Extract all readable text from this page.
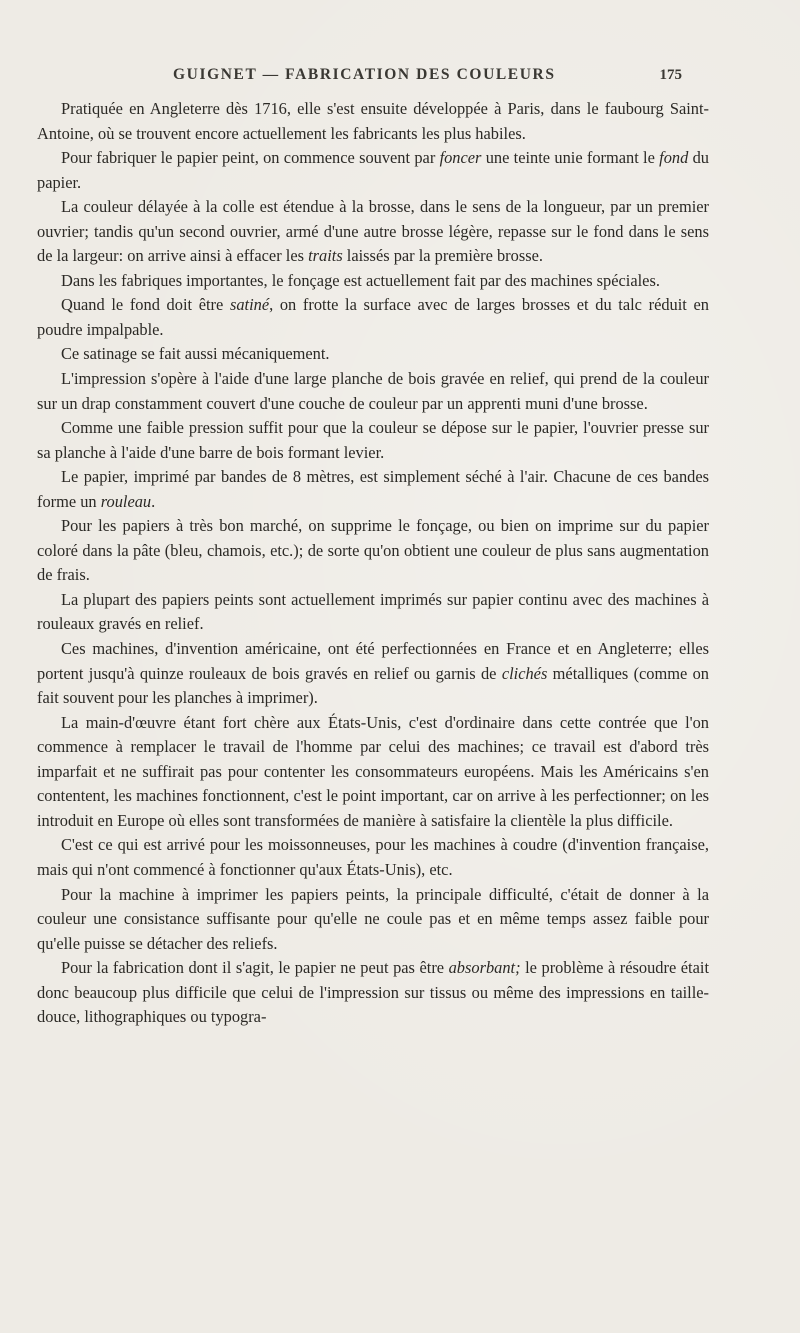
GUIGNET — FABRICATION DES COULEURS	175

Pratiquée en Angleterre dès 1716, elle s'est ensuite développée à Paris, dans le faubourg Saint-Antoine, où se trouvent encore actuellement les fabricants les plus habiles.

Pour fabriquer le papier peint, on commence souvent par foncer une teinte unie formant le fond du papier.

La couleur délayée à la colle est étendue à la brosse, dans le sens de la longueur, par un premier ouvrier; tandis qu'un second ouvrier, armé d'une autre brosse légère, repasse sur le fond dans le sens de la largeur: on arrive ainsi à effacer les traits laissés par la première brosse.

Dans les fabriques importantes, le fonçage est actuellement fait par des machines spéciales.

Quand le fond doit être satiné, on frotte la surface avec de larges brosses et du talc réduit en poudre impalpable.

Ce satinage se fait aussi mécaniquement.

L'impression s'opère à l'aide d'une large planche de bois gravée en relief, qui prend de la couleur sur un drap constamment couvert d'une couche de couleur par un apprenti muni d'une brosse.

Comme une faible pression suffit pour que la couleur se dépose sur le papier, l'ouvrier presse sur sa planche à l'aide d'une barre de bois formant levier.

Le papier, imprimé par bandes de 8 mètres, est simplement séché à l'air. Chacune de ces bandes forme un rouleau.

Pour les papiers à très bon marché, on supprime le fonçage, ou bien on imprime sur du papier coloré dans la pâte (bleu, chamois, etc.); de sorte qu'on obtient une couleur de plus sans augmentation de frais.

La plupart des papiers peints sont actuellement imprimés sur papier continu avec des machines à rouleaux gravés en relief.

Ces machines, d'invention américaine, ont été perfectionnées en France et en Angleterre; elles portent jusqu'à quinze rouleaux de bois gravés en relief ou garnis de clichés métalliques (comme on fait souvent pour les planches à imprimer).

La main-d'œuvre étant fort chère aux États-Unis, c'est d'ordinaire dans cette contrée que l'on commence à remplacer le travail de l'homme par celui des machines; ce travail est d'abord très imparfait et ne suffirait pas pour contenter les consommateurs européens. Mais les Américains s'en contentent, les machines fonctionnent, c'est le point important, car on arrive à les perfectionner; on les introduit en Europe où elles sont transformées de manière à satisfaire la clientèle la plus difficile.

C'est ce qui est arrivé pour les moissonneuses, pour les machines à coudre (d'invention française, mais qui n'ont commencé à fonctionner qu'aux États-Unis), etc.

Pour la machine à imprimer les papiers peints, la principale difficulté, c'était de donner à la couleur une consistance suffisante pour qu'elle ne coule pas et en même temps assez faible pour qu'elle puisse se détacher des reliefs.

Pour la fabrication dont il s'agit, le papier ne peut pas être absorbant; le problème à résoudre était donc beaucoup plus difficile que celui de l'impression sur tissus ou même des impressions en taille-douce, lithographiques ou typogra-
